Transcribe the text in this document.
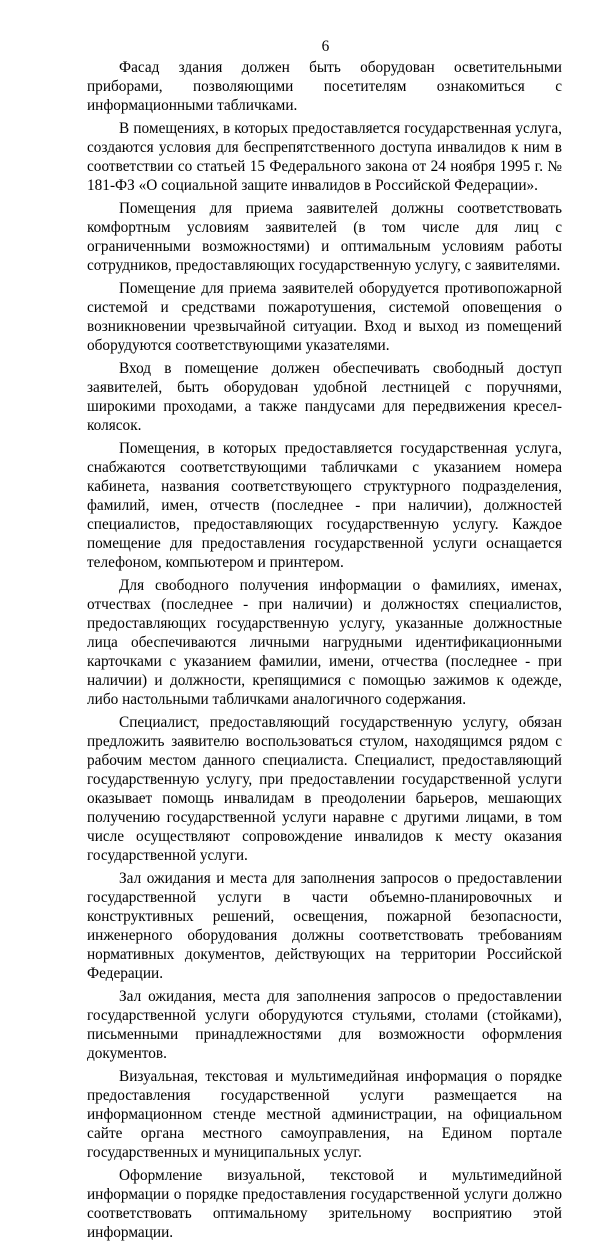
6

Фасад здания должен быть оборудован осветительными приборами, позволяющими посетителям ознакомиться с информационными табличками.

В помещениях, в которых предоставляется государственная услуга, создаются условия для беспрепятственного доступа инвалидов к ним в соответствии со статьей 15 Федерального закона от 24 ноября 1995 г. № 181-ФЗ «О социальной защите инвалидов в Российской Федерации».

Помещения для приема заявителей должны соответствовать комфортным условиям заявителей (в том числе для лиц с ограниченными возможностями) и оптимальным условиям работы сотрудников, предоставляющих государственную услугу, с заявителями.

Помещение для приема заявителей оборудуется противопожарной системой и средствами пожаротушения, системой оповещения о возникновении чрезвычайной ситуации. Вход и выход из помещений оборудуются соответствующими указателями.

Вход в помещение должен обеспечивать свободный доступ заявителей, быть оборудован удобной лестницей с поручнями, широкими проходами, а также пандусами для передвижения кресел-колясок.

Помещения, в которых предоставляется государственная услуга, снабжаются соответствующими табличками с указанием номера кабинета, названия соответствующего структурного подразделения, фамилий, имен, отчеств (последнее - при наличии), должностей специалистов, предоставляющих государственную услугу. Каждое помещение для предоставления государственной услуги оснащается телефоном, компьютером и принтером.

Для свободного получения информации о фамилиях, именах, отчествах (последнее - при наличии) и должностях специалистов, предоставляющих государственную услугу, указанные должностные лица обеспечиваются личными нагрудными идентификационными карточками с указанием фамилии, имени, отчества (последнее - при наличии) и должности, крепящимися с помощью зажимов к одежде, либо настольными табличками аналогичного содержания.

Специалист, предоставляющий государственную услугу, обязан предложить заявителю воспользоваться стулом, находящимся рядом с рабочим местом данного специалиста. Специалист, предоставляющий государственную услугу, при предоставлении государственной услуги оказывает помощь инвалидам в преодолении барьеров, мешающих получению государственной услуги наравне с другими лицами, в том числе осуществляют сопровождение инвалидов к месту оказания государственной услуги.

Зал ожидания и места для заполнения запросов о предоставлении государственной услуги в части объемно-планировочных и конструктивных решений, освещения, пожарной безопасности, инженерного оборудования должны соответствовать требованиям нормативных документов, действующих на территории Российской Федерации.

Зал ожидания, места для заполнения запросов о предоставлении государственной услуги оборудуются стульями, столами (стойками), письменными принадлежностями для возможности оформления документов.

Визуальная, текстовая и мультимедийная информация о порядке предоставления государственной услуги размещается на информационном стенде местной администрации, на официальном сайте органа местного самоуправления, на Едином портале государственных и муниципальных услуг.

Оформление визуальной, текстовой и мультимедийной информации о порядке предоставления государственной услуги должно соответствовать оптимальному зрительному восприятию этой информации.
